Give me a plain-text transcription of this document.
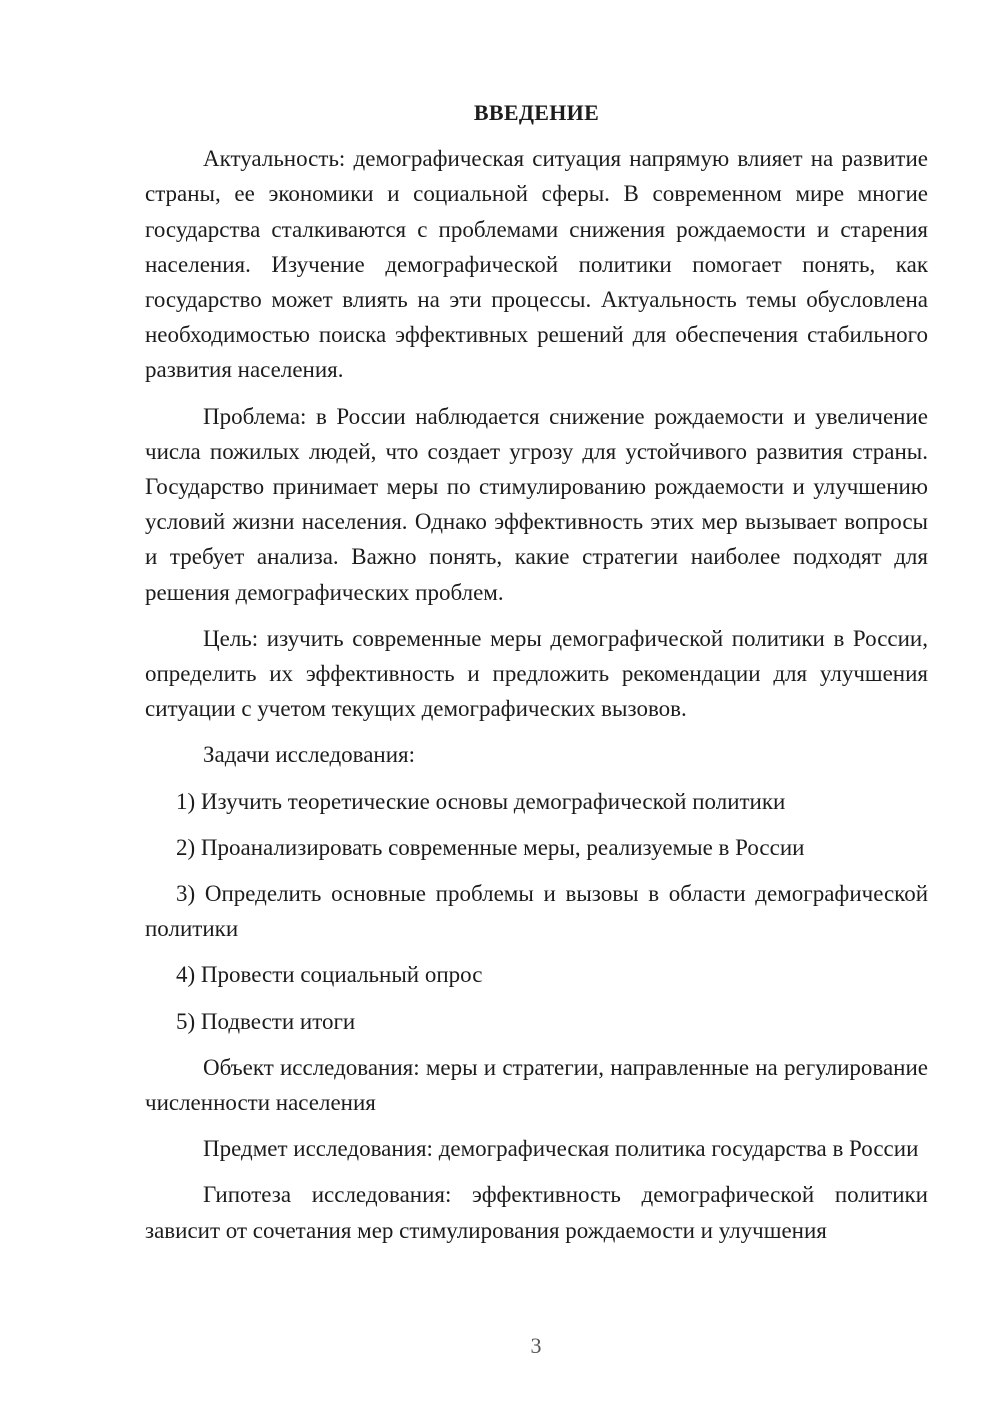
ВВЕДЕНИЕ

Актуальность: демографическая ситуация напрямую влияет на развитие страны, ее экономики и социальной сферы. В современном мире многие государства сталкиваются с проблемами снижения рождаемости и старения населения. Изучение демографической политики помогает понять, как государство может влиять на эти процессы. Актуальность темы обусловлена необходимостью поиска эффективных решений для обеспечения стабильного развития населения.

Проблема: в России наблюдается снижение рождаемости и увеличение числа пожилых людей, что создает угрозу для устойчивого развития страны. Государство принимает меры по стимулированию рождаемости и улучшению условий жизни населения. Однако эффективность этих мер вызывает вопросы и требует анализа. Важно понять, какие стратегии наиболее подходят для решения демографических проблем.

Цель: изучить современные меры демографической политики в России, определить их эффективность и предложить рекомендации для улучшения ситуации с учетом текущих демографических вызовов.

Задачи исследования:

1) Изучить теоретические основы демографической политики

2) Проанализировать современные меры, реализуемые в России

3) Определить основные проблемы и вызовы в области демографической политики

4) Провести социальный опрос

5) Подвести итоги

Объект исследования: меры и стратегии, направленные на регулирование численности населения

Предмет исследования: демографическая политика государства в России

Гипотеза исследования: эффективность демографической политики зависит от сочетания мер стимулирования рождаемости и улучшения

3
